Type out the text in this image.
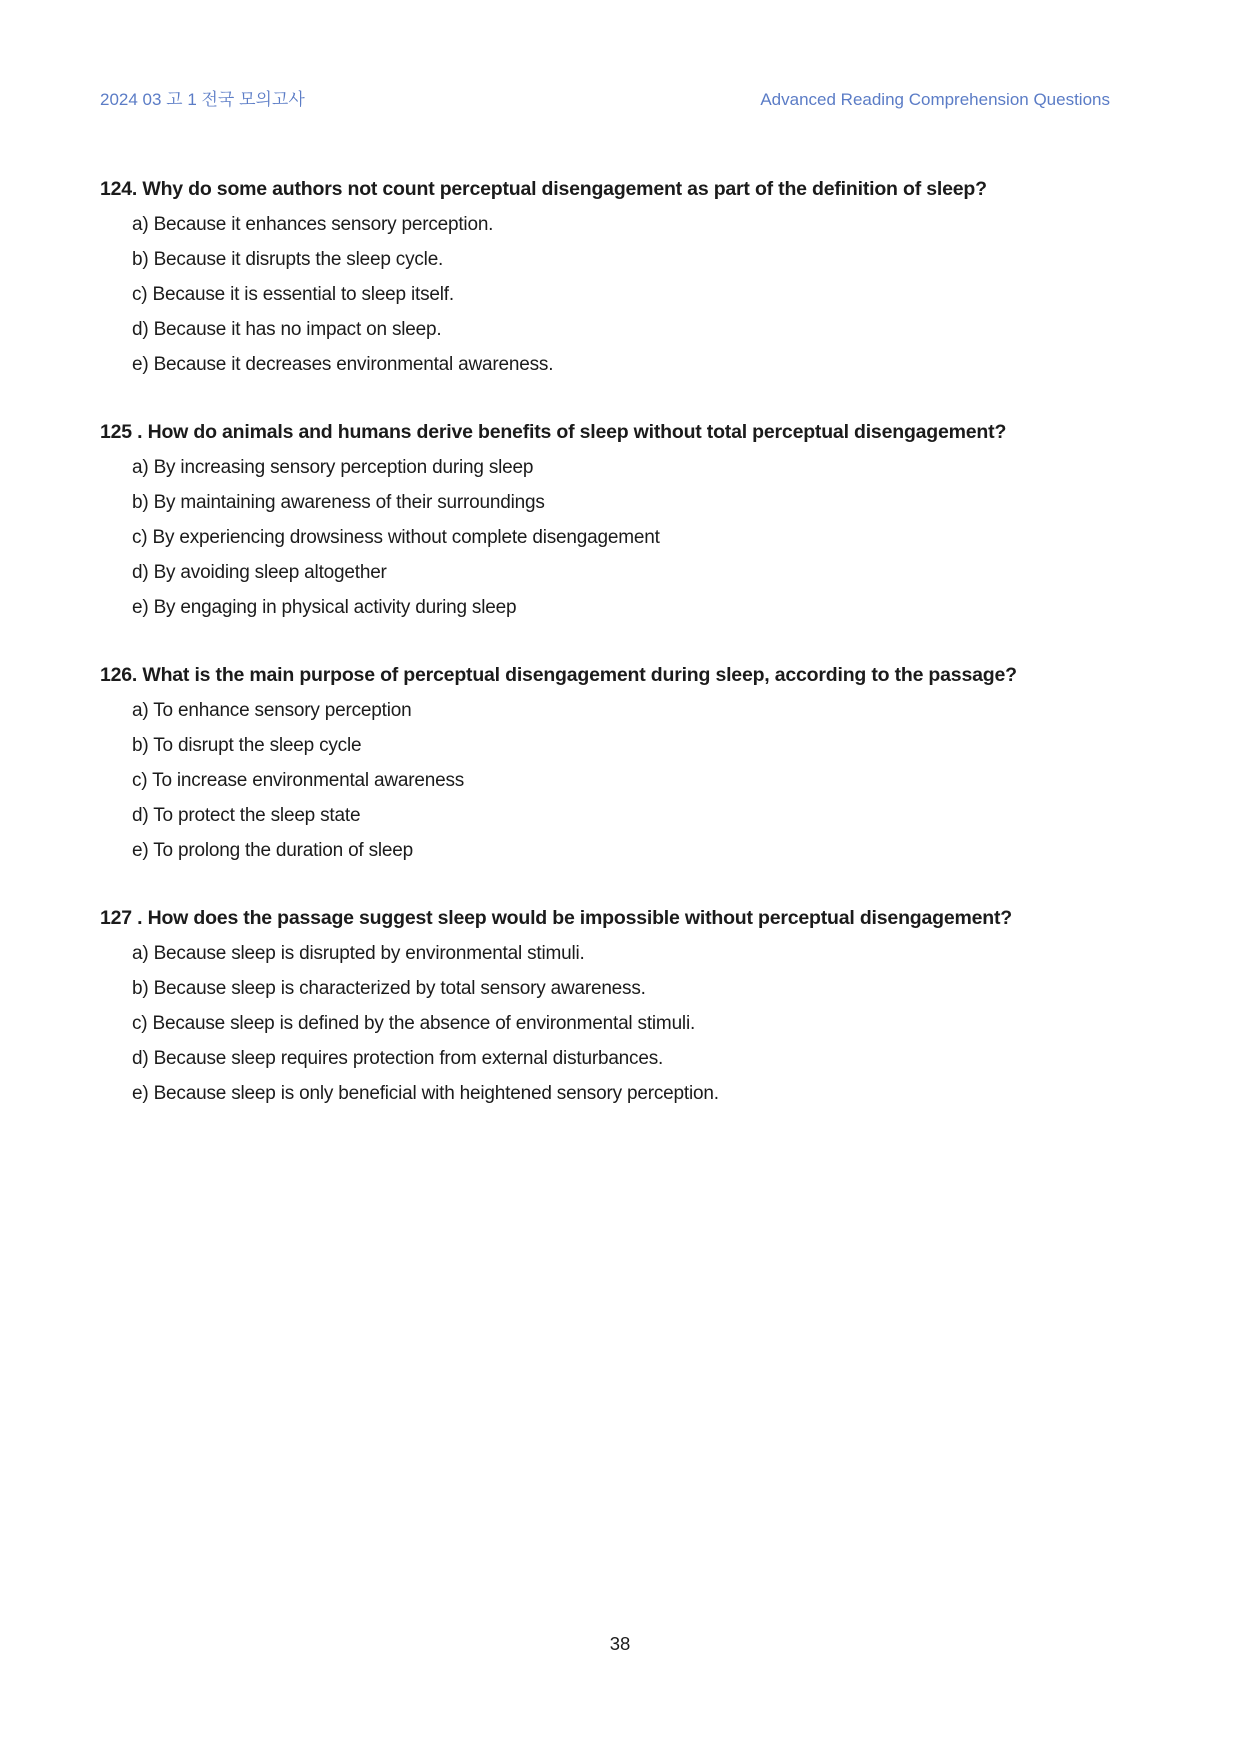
2024 03 고 1 전국 모의고사	Advanced Reading Comprehension Questions

124. Why do some authors not count perceptual disengagement as part of the definition of sleep?

a) Because it enhances sensory perception.
b) Because it disrupts the sleep cycle.
c) Because it is essential to sleep itself.
d) Because it has no impact on sleep.
e) Because it decreases environmental awareness.

125 . How do animals and humans derive benefits of sleep without total perceptual disengagement?

a) By increasing sensory perception during sleep
b) By maintaining awareness of their surroundings
c) By experiencing drowsiness without complete disengagement
d) By avoiding sleep altogether
e) By engaging in physical activity during sleep

126. What is the main purpose of perceptual disengagement during sleep, according to the passage?

a) To enhance sensory perception
b) To disrupt the sleep cycle
c) To increase environmental awareness
d) To protect the sleep state
e) To prolong the duration of sleep

127 . How does the passage suggest sleep would be impossible without perceptual disengagement?

a) Because sleep is disrupted by environmental stimuli.
b) Because sleep is characterized by total sensory awareness.
c) Because sleep is defined by the absence of environmental stimuli.
d) Because sleep requires protection from external disturbances.
e) Because sleep is only beneficial with heightened sensory perception.
38
